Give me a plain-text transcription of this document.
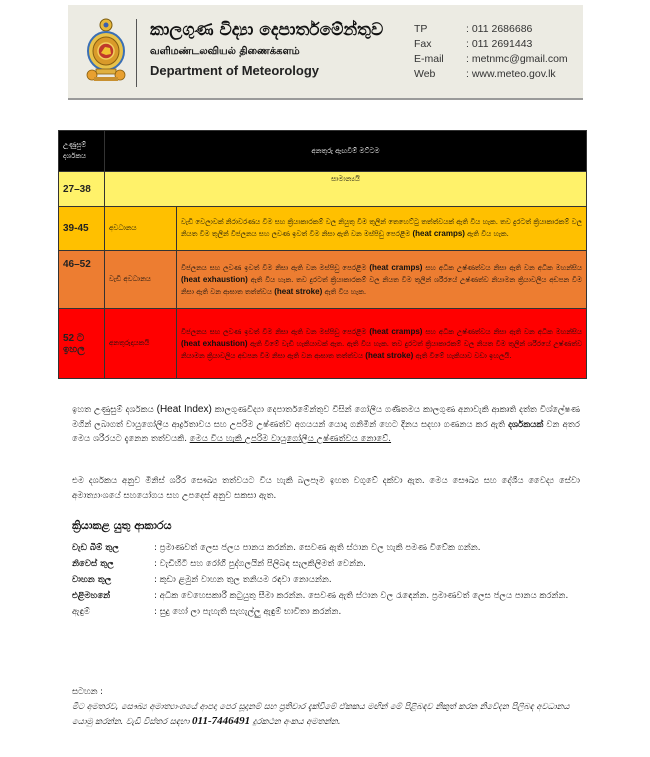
කාලගුණ විද්‍යා දෙපාර්තමේන්තුව
வளிமண்டலவியல் திணைக்களம்
Department of Meteorology
TP	: 011 2686686
Fax	: 011 2691443
E-mail	: metnmc@gmail.com
Web	: www.meteo.gov.lk
උණුසුම් දර්ශකය	අනතුරු ඇඟවීම් මට්ටම	
27–38	සාමාන්‍යයි	
39-45	අවධානය	වැඩි වෙලාවක් නිරාවරණය වීම සහ ක්‍රියාකාරකම් වල නියුතු වීම තුලින් තෙහෙට්ටු තත්ත්වයක් ඇති විය හැක. තව දුරටත් ක්‍රියාකාරකම් වල නියත වීම තුලින් විජලනය සහ ලවණ ඉවත් වීම නිසා ඇති වන මස්පිඩු පෙරළීම (heat cramps) ඇති විය හැක.
46–52	වැඩි අවධානය	විජලනය සහ ලවණ ඉවත් වීම නිසා ඇති වන මස්පිඩු පෙරළීම (heat cramps) සහ අධික උෂ්ණත්වය නිසා ඇති වන අධික මහන්සිය (heat exhaustion) ඇති විය හැක. තව දුරටත් ක්‍රියාකාරකම් වල නියත වීම තුලින් ශරීරයේ උෂ්ණත්ව නියාමන ක්‍රියාවලිය අඩපන වීම නිසා ඇති වන ආඝාත තත්ත්වය (heat stroke) ඇති විය හැක.
52 ට ඉහල	අනතුරුදායකයි	විජලනය සහ ලවණ ඉවත් වීම නිසා ඇති වන මස්පිඩු පෙරළීම (heat cramps) සහ අධික උෂ්ණත්වය නිසා ඇති වන අධික මහන්සිය (heat exhaustion) ඇති වීමේ වැඩි හැකියාවක් ඇත. ඇති විය හැක. තව දුරටත් ක්‍රියාකාරකම් වල නියත වීම තුලින් ශරීරයේ උෂ්ණත්ව නියාමන ක්‍රියාවලිය අඩපන වීම නිසා ඇති වන ආඝාත තත්ත්වය (heat stroke) ඇති වීමේ හැකියාව වඩා ඉහලයි.
ඉහත උණුසුම් දර්ශකය (Heat Index) කාලගුණවිද්‍යා දෙපාර්තමේන්තුව විසින් ගෝලීය ගණිතමය කාලගුණ අනාවැකි ආකෘති දත්ත විශ්ලේෂණ මගින් ලබාගත් වායුගෝලීය ආර්ද්‍රතාවය සහ උපරිම උෂ්ණත්ව අගයයන් යොදා ගනිමින් හෙට දිනය සදහා ගණනය කර ඇති දර්ශකයක් වන අතර මෙය ශරීරයට දැනෙන තත්වයකි. මෙය විය හැකි උපරිම වායුගෝලීය උෂ්ණත්වය නොවේ.
එම දර්ශකය අනුව මිනිස් ශරීර සෞඛ්‍ය තත්වයට විය හැකි බලපෑම ඉහත වගුවේ දක්වා ඇත. මෙය සෞඛ්‍ය සහ දේශීය වෛද්‍ය සේවා අමාත්‍යාංශයේ සහයෝගය සහ උපදෙස් අනුව සකසා ඇත.
ක්‍රියාකළ යුතු ආකාරය
වැඩ බිම් තුල	: ප්‍රමාණවත් ලෙස ජලය පානය කරන්න. සෙවණ ඇති ස්ථාන වල හැකි පමණ විවේක ගන්න.
නිවෙස් තුල	: වැඩිහිටි සහ රෝගී පුද්ගලයින් පිලිබඳ සැලකිලිමත් වෙන්න.
වාහන තුල	: කුඩා ළමුන් වාහන තුල තනියම රඳවා නොයන්න.
එළිමහනේ	: අධික වෙහෙසකාරී කටුයුතු සීමා කරන්න. සෙවණ ඇති ස්ථාන වල රැඳෙන්න. ප්‍රමාණවත් ලෙස ජලය පානය කරන්න.
ඇඳුම්	: සුදු හෝ ලා පැහැති සැහැල්ලු ඇඳුම් භාවිතා කරන්න.
සටහන :
මීට අමතරව, සෞඛ්‍ය අමාත්‍යාංශයේ ආපදා පෙර සූදානම් සහ ප්‍රතිචාර දැක්වීමේ ඒකකය මඟින් මේ පිළිබඳව නිකුත් කරන නිවේදන පිලිබඳ අවධානය යොමු කරන්න. වැඩි විස්තර සඳහා 011-7446491 දුරකථන අංකය අමතන්න.
